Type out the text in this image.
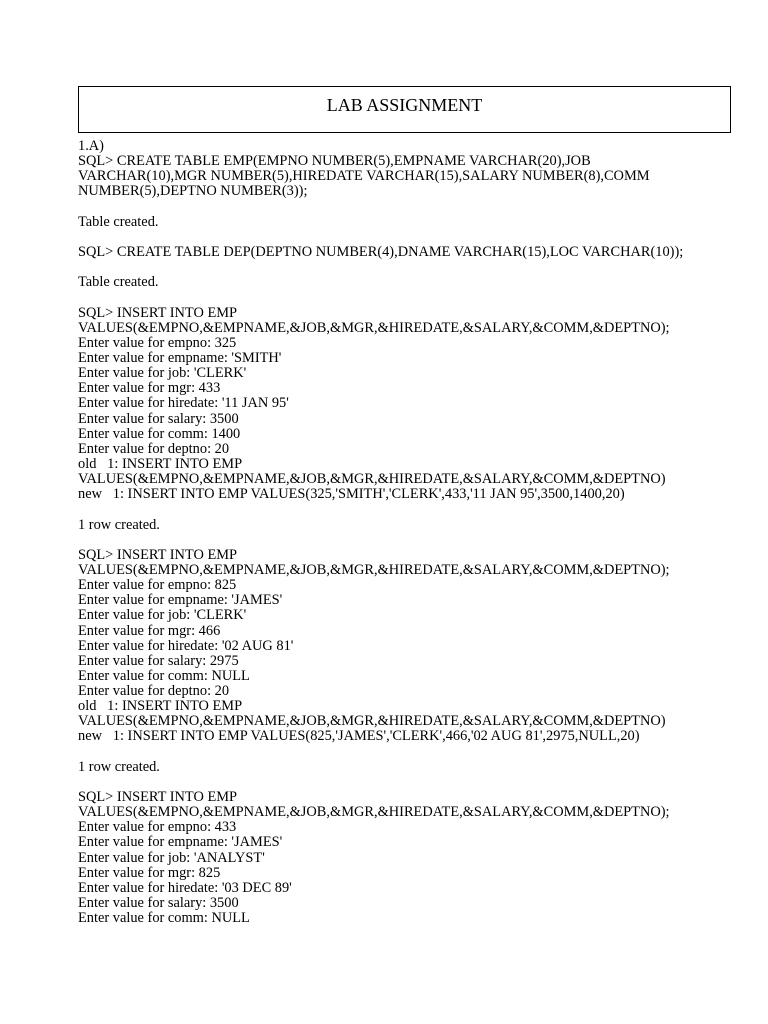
LAB ASSIGNMENT
1.A)
SQL> CREATE TABLE EMP(EMPNO NUMBER(5),EMPNAME VARCHAR(20),JOB
VARCHAR(10),MGR NUMBER(5),HIREDATE VARCHAR(15),SALARY NUMBER(8),COMM
NUMBER(5),DEPTNO NUMBER(3));
Table created.
SQL> CREATE TABLE DEP(DEPTNO NUMBER(4),DNAME VARCHAR(15),LOC VARCHAR(10));
Table created.
SQL> INSERT INTO EMP
VALUES(&EMPNO,&EMPNAME,&JOB,&MGR,&HIREDATE,&SALARY,&COMM,&DEPTNO);
Enter value for empno: 325
Enter value for empname: 'SMITH'
Enter value for job: 'CLERK'
Enter value for mgr: 433
Enter value for hiredate: '11 JAN 95'
Enter value for salary: 3500
Enter value for comm: 1400
Enter value for deptno: 20
old   1: INSERT INTO EMP
VALUES(&EMPNO,&EMPNAME,&JOB,&MGR,&HIREDATE,&SALARY,&COMM,&DEPTNO)
new   1: INSERT INTO EMP VALUES(325,'SMITH','CLERK',433,'11 JAN 95',3500,1400,20)
1 row created.
SQL> INSERT INTO EMP
VALUES(&EMPNO,&EMPNAME,&JOB,&MGR,&HIREDATE,&SALARY,&COMM,&DEPTNO);
Enter value for empno: 825
Enter value for empname: 'JAMES'
Enter value for job: 'CLERK'
Enter value for mgr: 466
Enter value for hiredate: '02 AUG 81'
Enter value for salary: 2975
Enter value for comm: NULL
Enter value for deptno: 20
old   1: INSERT INTO EMP
VALUES(&EMPNO,&EMPNAME,&JOB,&MGR,&HIREDATE,&SALARY,&COMM,&DEPTNO)
new   1: INSERT INTO EMP VALUES(825,'JAMES','CLERK',466,'02 AUG 81',2975,NULL,20)
1 row created.
SQL> INSERT INTO EMP
VALUES(&EMPNO,&EMPNAME,&JOB,&MGR,&HIREDATE,&SALARY,&COMM,&DEPTNO);
Enter value for empno: 433
Enter value for empname: 'JAMES'
Enter value for job: 'ANALYST'
Enter value for mgr: 825
Enter value for hiredate: '03 DEC 89'
Enter value for salary: 3500
Enter value for comm: NULL
